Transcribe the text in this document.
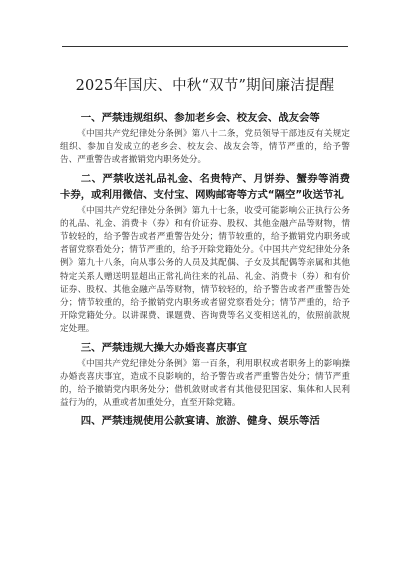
2025年国庆、中秋“双节”期间廉洁提醒

一、严禁违规组织、参加老乡会、校友会、战友会等

《中国共产党纪律处分条例》第八十二条，党员领导干部违反有关规定组织、参加自发成立的老乡会、校友会、战友会等，情节严重的，给予警告、严重警告或者撤销党内职务处分。

二、严禁收送礼品礼金、名贵特产、月饼券、蟹券等消费卡券，或利用微信、支付宝、网购邮寄等方式“隔空”收送节礼

《中国共产党纪律处分条例》第九十七条，收受可能影响公正执行公务的礼品、礼金、消费卡（券）和有价证券、股权、其他金融产品等财物，情节较轻的，给予警告或者严重警告处分；情节较重的，给予撤销党内职务或者留党察看处分；情节严重的，给予开除党籍处分。《中国共产党纪律处分条例》第九十八条，向从事公务的人员及其配偶、子女及其配偶等亲属和其他特定关系人赠送明显超出正常礼尚往来的礼品、礼金、消费卡（券）和有价证券、股权、其他金融产品等财物，情节较轻的，给予警告或者严重警告处分；情节较重的，给予撤销党内职务或者留党察看处分；情节严重的，给予开除党籍处分。以讲课费、课题费、咨询费等名义变相送礼的，依照前款规定处理。

三、严禁违规大操大办婚丧喜庆事宜

《中国共产党纪律处分条例》第一百条，利用职权或者职务上的影响操办婚丧喜庆事宜，造成不良影响的，给予警告或者严重警告处分；情节严重的，给予撤销党内职务处分；借机敛财或者有其他侵犯国家、集体和人民利益行为的，从重或者加重处分，直至开除党籍。

四、严禁违规使用公款宴请、旅游、健身、娱乐等活
